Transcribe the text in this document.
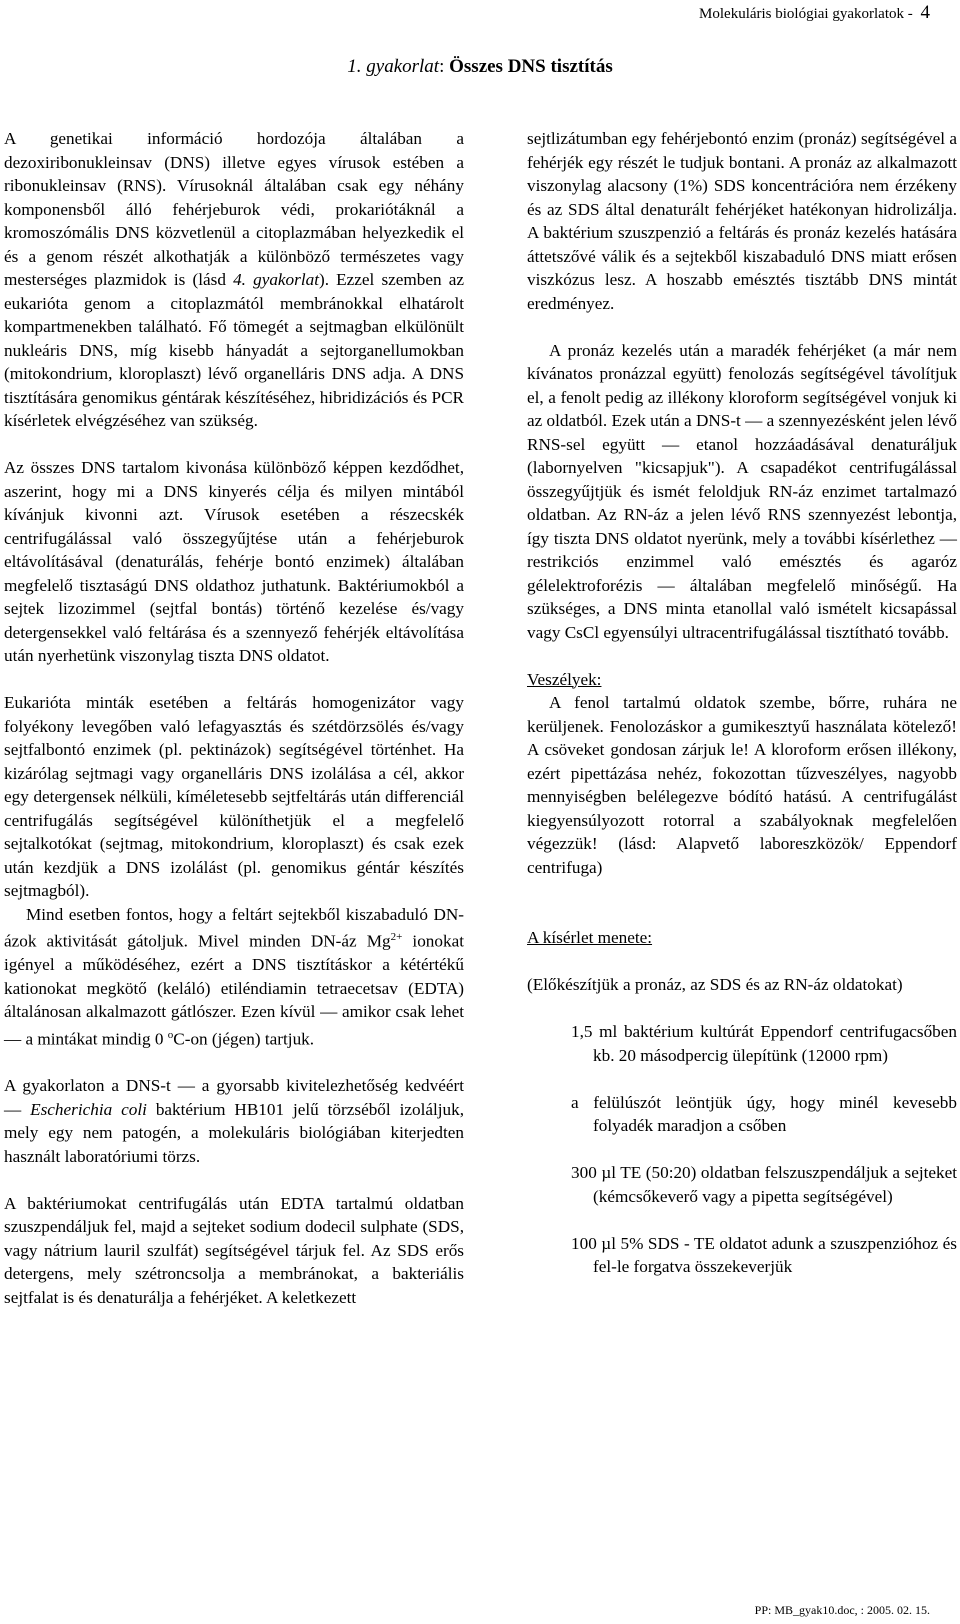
Molekuláris biológiai gyakorlatok - 4
1. gyakorlat: Összes DNS tisztítás

A genetikai információ hordozója általában a dezoxiribonukleinsav (DNS) illetve egyes vírusok estében a ribonukleinsav (RNS). Vírusoknál általában csak egy néhány komponensből álló fehérjeburok védi, prokariótáknál a kromoszómális DNS közvetlenül a citoplazmában helyezkedik el és a genom részét alkothatják a különböző természetes vagy mesterséges plazmidok is (lásd 4. gyakorlat). Ezzel szemben az eukarióta genom a citoplazmától membránokkal elhatárolt kompartmenekben található. Fő tömegét a sejtmagban elkülönült nukleáris DNS, míg kisebb hányadát a sejtorganellumokban (mitokondrium, kloroplaszt) lévő organelláris DNS adja. A DNS tisztítására genomikus géntárak készítéséhez, hibridizációs és PCR kísérletek elvégzéséhez van szükség.

Az összes DNS tartalom kivonása különböző képpen kezdődhet, aszerint, hogy mi a DNS kinyerés célja és milyen mintából kívánjuk kivonni azt. Vírusok esetében a részecskék centrifugálással való összegyűjtése után a fehérjeburok eltávolításával (denaturálás, fehérje bontó enzimek) általában megfelelő tisztaságú DNS oldathoz juthatunk. Baktériumokból a sejtek lizozimmel (sejtfal bontás) történő kezelése és/vagy detergensekkel való feltárása és a szennyező fehérjék eltávolítása után nyerhetünk viszonylag tiszta DNS oldatot.

Eukarióta minták esetében a feltárás homogenizátor vagy folyékony levegőben való lefagyasztás és szétdörzsölés és/vagy sejtfalbontó enzimek (pl. pektinázok) segítségével történhet. Ha kizárólag sejtmagi vagy organelláris DNS izolálása a cél, akkor egy detergensek nélküli, kíméletesebb sejtfeltárás után differenciál centrifugálás segítségével különíthetjük el a megfelelő sejtalkotókat (sejtmag, mitokondrium, kloroplaszt) és csak ezek után kezdjük a DNS izolálást (pl. genomikus géntár készítés sejtmagból).

Mind esetben fontos, hogy a feltárt sejtekből kiszabaduló DN-ázok aktivitását gátoljuk. Mivel minden DN-áz $Mg^{2+}$ ionokat igényel a működéséhez, ezért a DNS tisztításkor a kétértékű kationokat megkötő (keláló) etiléndiamin tetraecetsav (EDTA) általánosan alkalmazott gátlószer. Ezen kívül — amikor csak lehet — a mintákat mindig 0 $^o$C-on (jégen) tartjuk.

A gyakorlaton a DNS-t — a gyorsabb kivitelezhetőség kedvéért — Escherichia coli baktérium HB101 jelű törzséből izoláljuk, mely egy nem patogén, a molekuláris biológiában kiterjedten használt laboratóriumi törzs.

A baktériumokat centrifugálás után EDTA tartalmú oldatban szuszpendáljuk fel, majd a sejteket sodium dodecil sulphate (SDS, vagy nátrium lauril szulfát) segítségével tárjuk fel. Az SDS erős detergens, mely szétroncsolja a membránokat, a bakteriális sejtfalat is és denaturálja a fehérjéket. A keletkezett

sejtlizátumban egy fehérjebontó enzim (pronáz) segítségével a fehérjék egy részét le tudjuk bontani. A pronáz az alkalmazott viszonylag alacsony (1%) SDS koncentrációra nem érzékeny és az SDS által denaturált fehérjéket hatékonyan hidrolizálja. A baktérium szuszpenzió a feltárás és pronáz kezelés hatására áttetszővé válik és a sejtekből kiszabaduló DNS miatt erősen viszkózus lesz. A hoszabb emésztés tisztább DNS mintát eredményez.

A pronáz kezelés után a maradék fehérjéket (a már nem kívánatos pronázzal együtt) fenolozás segítségével távolítjuk el, a fenolt pedig az illékony kloroform segítségével vonjuk ki az oldatból. Ezek után a DNS-t — a szennyezésként jelen lévő RNS-sel együtt — etanol hozzáadásával denaturáljuk (labornyelven "kicsapjuk"). A csapadékot centrifugálással összegyűjtjük és ismét feloldjuk RN-áz enzimet tartalmazó oldatban. Az RN-áz a jelen lévő RNS szennyezést lebontja, így tiszta DNS oldatot nyerünk, mely a további kísérlethez — restrikciós enzimmel való emésztés és agaróz gélelektroforézis — általában megfelelő minőségű. Ha szükséges, a DNS minta etanollal való ismételt kicsapással vagy CsCl egyensúlyi ultracentrifugálással tisztítható tovább.

Veszélyek:

A fenol tartalmú oldatok szembe, bőrre, ruhára ne kerüljenek. Fenolozáskor a gumikesztyű használata kötelező! A csöveket gondosan zárjuk le! A kloroform erősen illékony, ezért pipettázása nehéz, fokozottan tűzveszélyes, nagyobb mennyiségben belélegezve bódító hatású. A centrifugálást kiegyensúlyozott rotorral a szabályoknak megfelelően végezzük! (lásd: Alapvető laboreszközök/ Eppendorf centrifuga)

A kísérlet menete:

(Előkészítjük a pronáz, az SDS és az RN-áz oldatokat)

1,5 ml baktérium kultúrát Eppendorf centrifugacsőben kb. 20 másodpercig ülepítünk (12000 rpm)

a felülúszót leöntjük úgy, hogy minél kevesebb folyadék maradjon a csőben

300 µl TE (50:20) oldatban felszuszpendáljuk a sejteket (kémcsőkeverő vagy a pipetta segítségével)

100 µl 5% SDS - TE oldatot adunk a szuszpenzióhoz és fel-le forgatva összekeverjük

PP: MB_gyak10.doc, : 2005. 02. 15.
